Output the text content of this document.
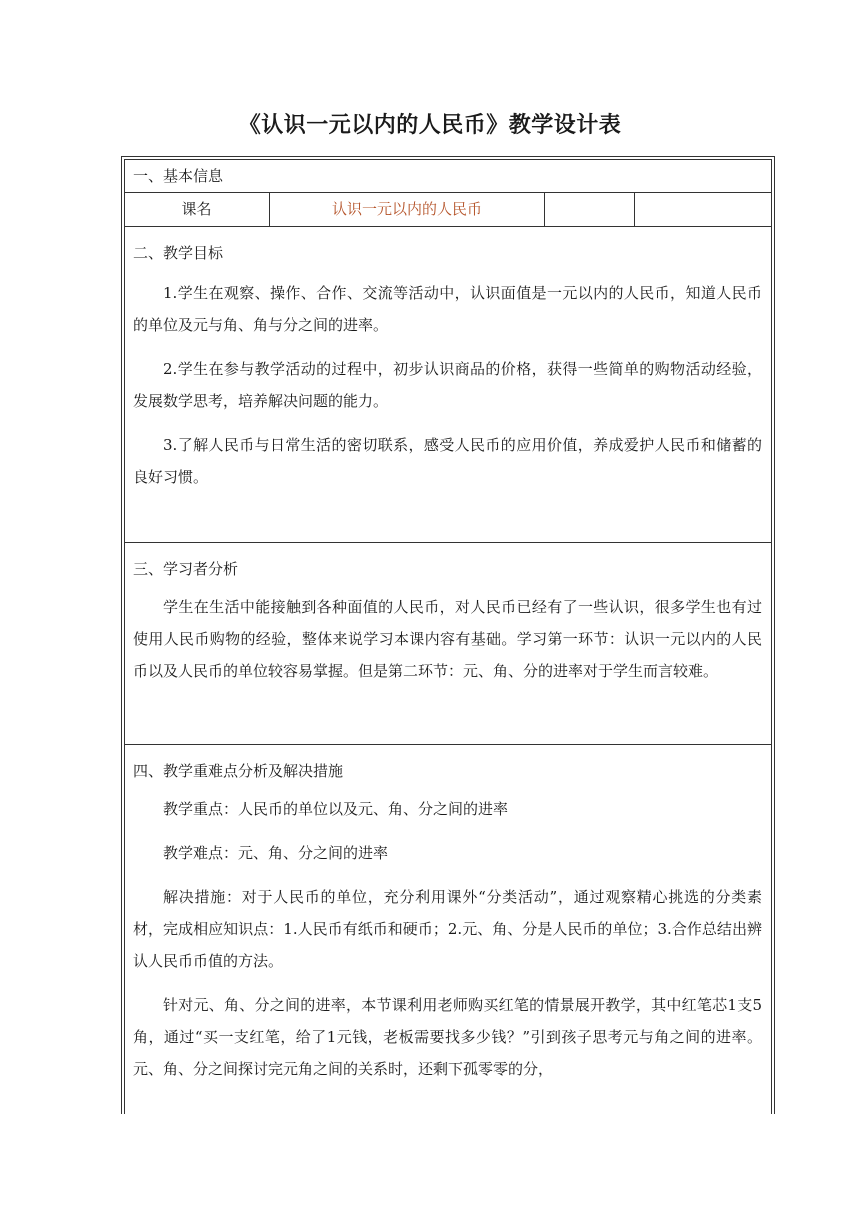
《认识一元以内的人民币》教学设计表
一、基本信息
课名	认识一元以内的人民币
二、教学目标

1.学生在观察、操作、合作、交流等活动中，认识面值是一元以内的人民币，知道人民币的单位及元与角、角与分之间的进率。

2.学生在参与教学活动的过程中，初步认识商品的价格，获得一些简单的购物活动经验，发展数学思考，培养解决问题的能力。

3.了解人民币与日常生活的密切联系，感受人民币的应用价值，养成爱护人民币和储蓄的良好习惯。

三、学习者分析

学生在生活中能接触到各种面值的人民币，对人民币已经有了一些认识，很多学生也有过使用人民币购物的经验，整体来说学习本课内容有基础。学习第一环节：认识一元以内的人民币以及人民币的单位较容易掌握。但是第二环节：元、角、分的进率对于学生而言较难。

四、教学重难点分析及解决措施

教学重点：人民币的单位以及元、角、分之间的进率

教学难点：元、角、分之间的进率

解决措施：对于人民币的单位，充分利用课外“分类活动”，通过观察精心挑选的分类素材，完成相应知识点：1.人民币有纸币和硬币；2.元、角、分是人民币的单位；3.合作总结出辨认人民币币值的方法。

针对元、角、分之间的进率，本节课利用老师购买红笔的情景展开教学，其中红笔芯1支5角，通过“买一支红笔，给了1元钱，老板需要找多少钱？”引到孩子思考元与角之间的进率。元、角、分之间探讨完元角之间的关系时，还剩下孤零零的分，
